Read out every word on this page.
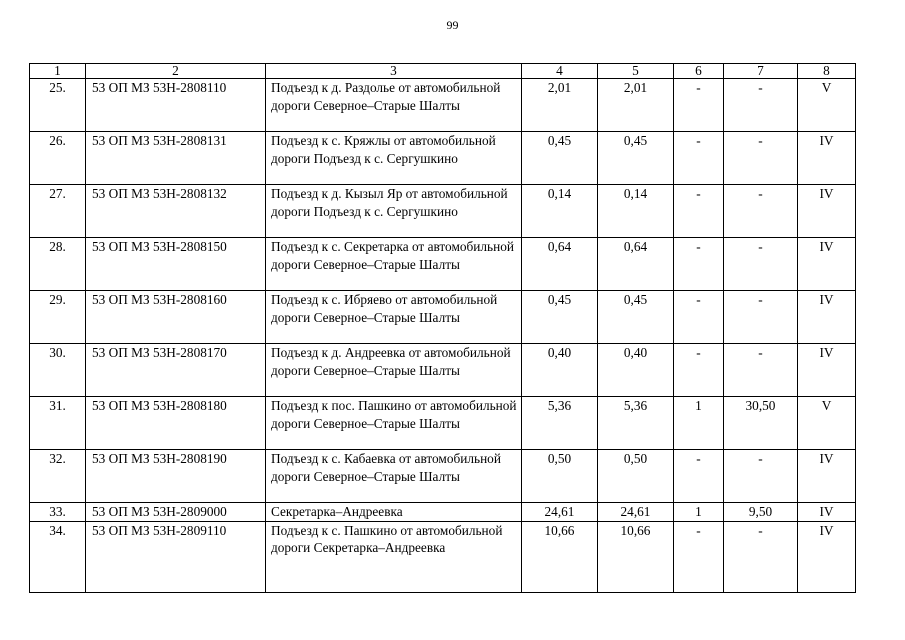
99
1	2	3	4	5	6	7	8
25.	53 ОП МЗ 53Н-2808110	Подъезд к д. Раздолье от автомобильной дороги Северное–Старые Шалты	2,01	2,01	-	-	V
26.	53 ОП МЗ 53Н-2808131	Подъезд к с. Кряжлы от автомобильной дороги Подъезд к с. Сергушкино	0,45	0,45	-	-	IV
27.	53 ОП МЗ 53Н-2808132	Подъезд к д. Кызыл Яр от автомобильной дороги Подъезд к с. Сергушкино	0,14	0,14	-	-	IV
28.	53 ОП МЗ 53Н-2808150	Подъезд к с. Секретарка от автомобильной дороги Северное–Старые Шалты	0,64	0,64	-	-	IV
29.	53 ОП МЗ 53Н-2808160	Подъезд к с. Ибряево от автомобильной дороги Северное–Старые Шалты	0,45	0,45	-	-	IV
30.	53 ОП МЗ 53Н-2808170	Подъезд к д. Андреевка от автомобильной дороги Северное–Старые Шалты	0,40	0,40	-	-	IV
31.	53 ОП МЗ 53Н-2808180	Подъезд к пос. Пашкино от автомобильной дороги Северное–Старые Шалты	5,36	5,36	1	30,50	V
32.	53 ОП МЗ 53Н-2808190	Подъезд к с. Кабаевка от автомобильной дороги Северное–Старые Шалты	0,50	0,50	-	-	IV
33.	53 ОП МЗ 53Н-2809000	Секретарка–Андреевка	24,61	24,61	1	9,50	IV
34.	53 ОП МЗ 53Н-2809110	Подъезд к с. Пашкино от автомобильной дороги Секретарка–Андреевка	10,66	10,66	-	-	IV
